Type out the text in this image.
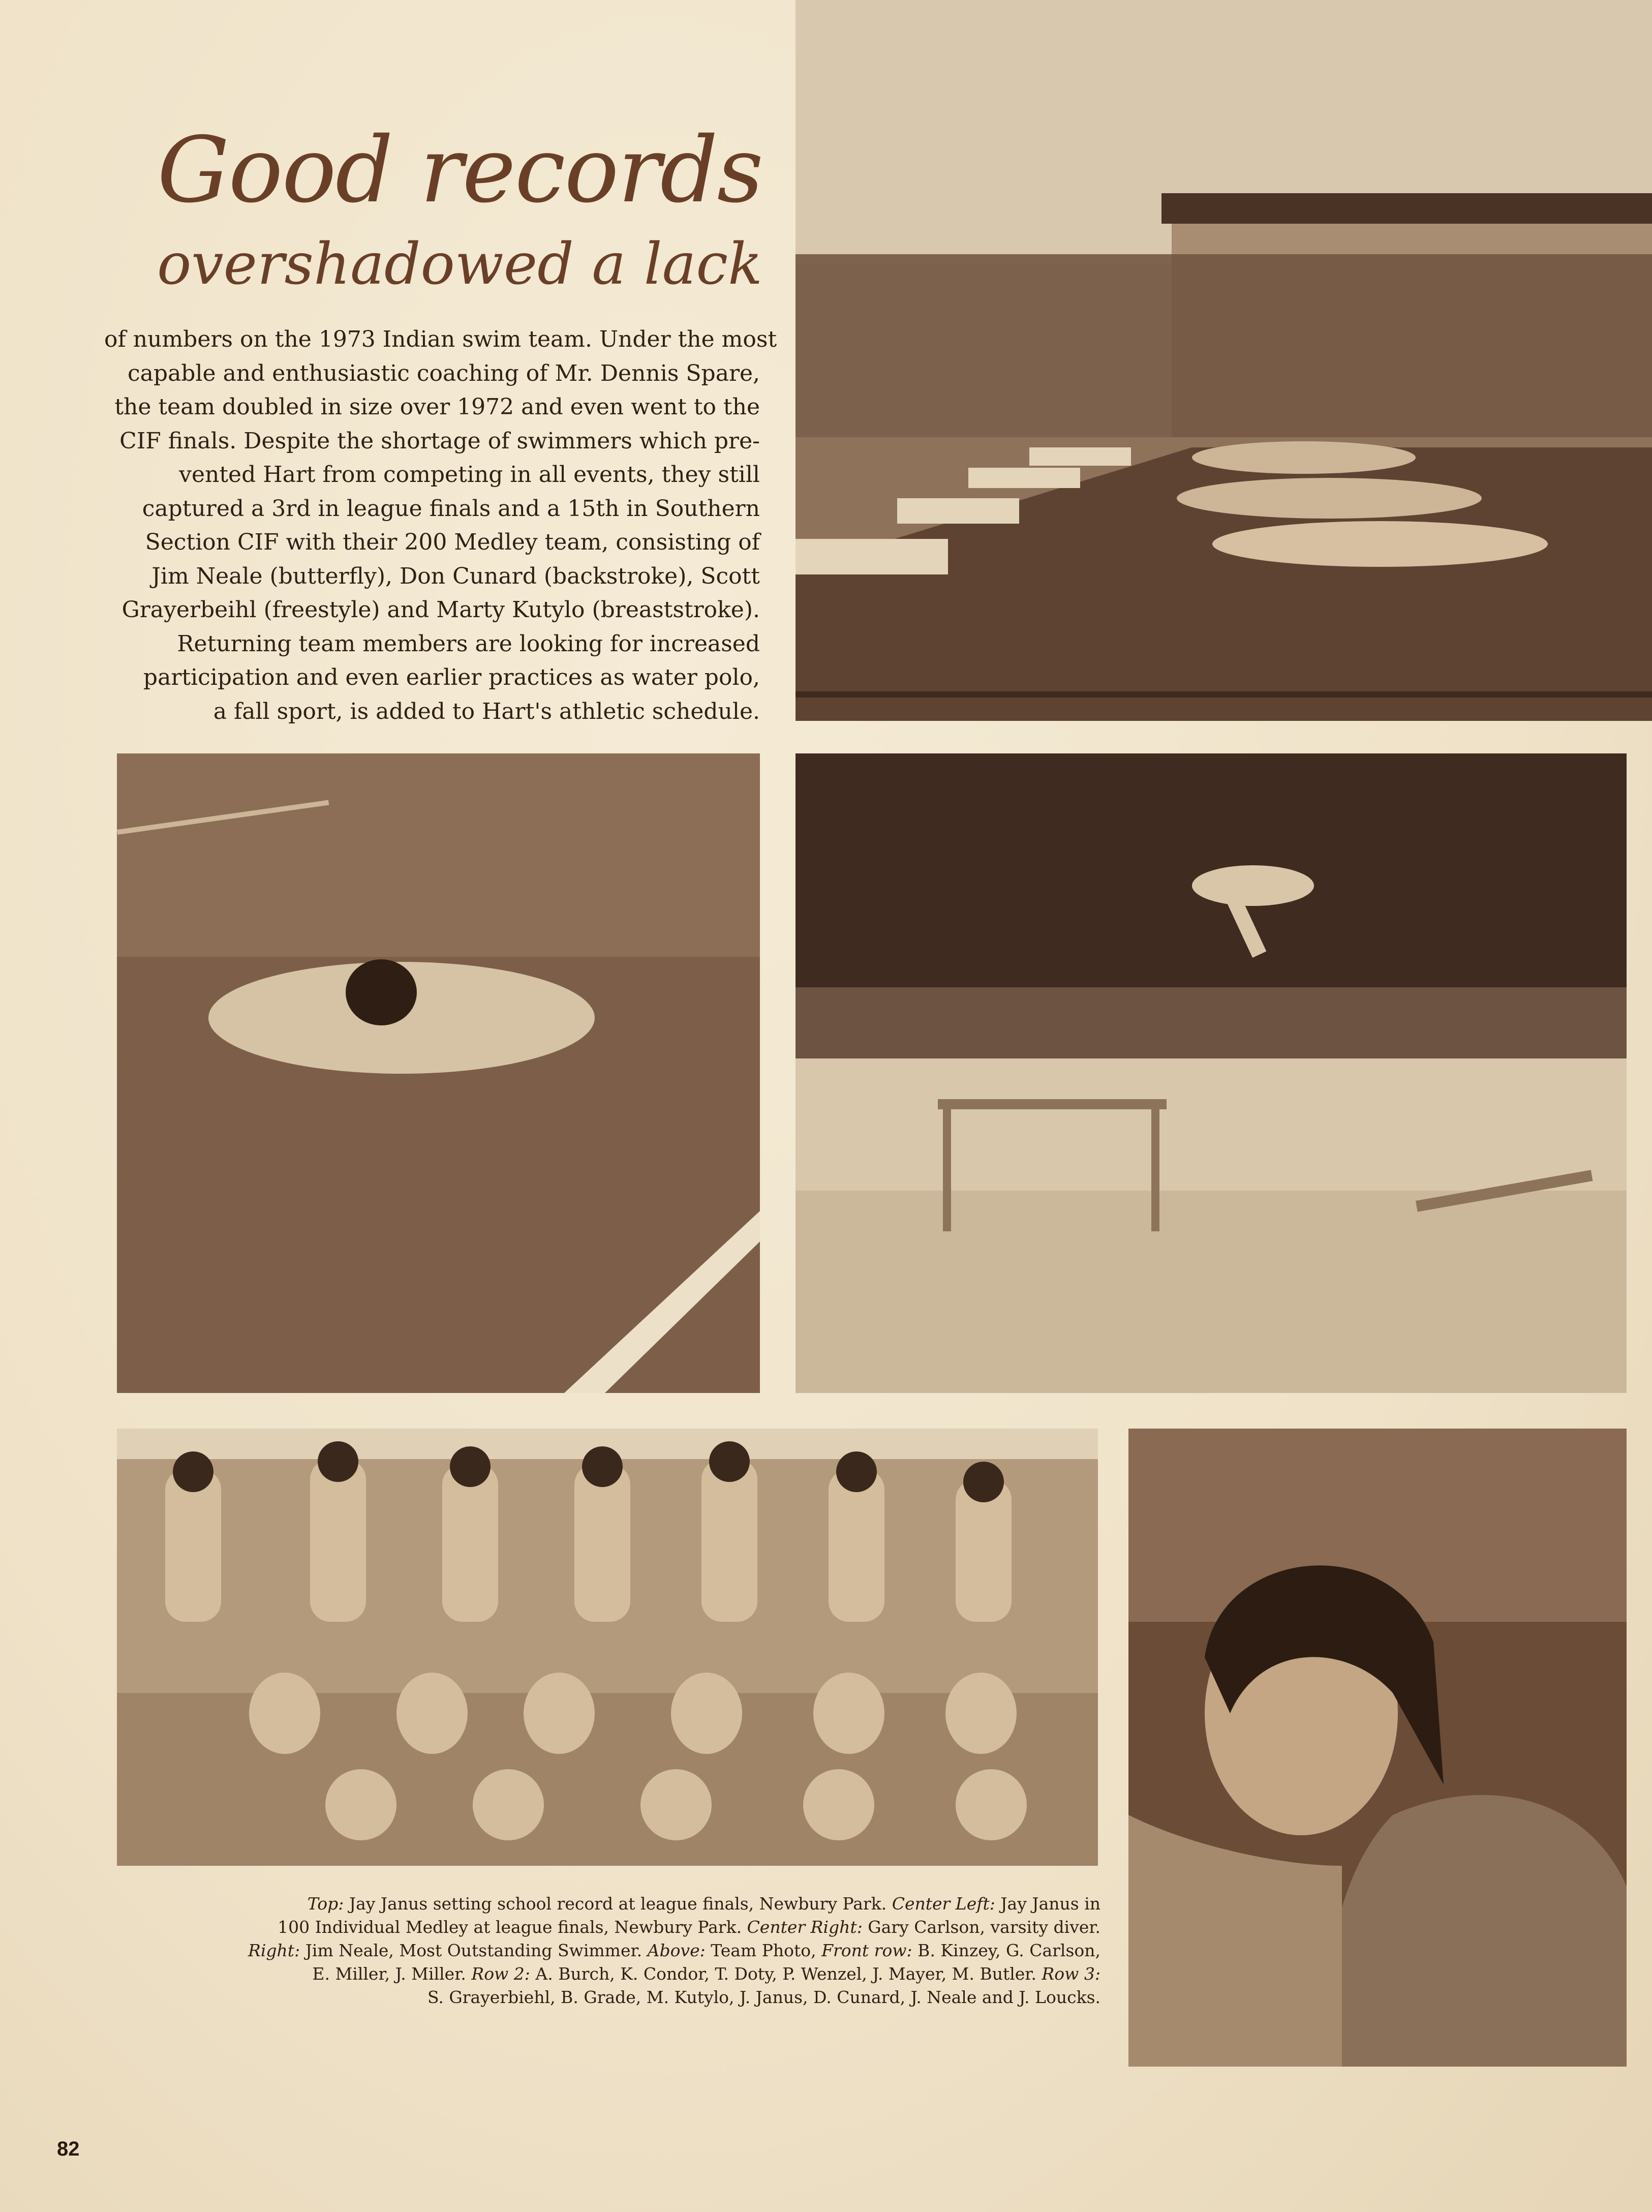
Good records
overshadowed a lack
of numbers on the 1973 Indian swim team. Under the most
capable and enthusiastic coaching of Mr. Dennis Spare,
the team doubled in size over 1972 and even went to the
CIF finals. Despite the shortage of swimmers which pre-
vented Hart from competing in all events, they still
captured a 3rd in league finals and a 15th in Southern
Section CIF with their 200 Medley team, consisting of
Jim Neale (butterfly), Don Cunard (backstroke), Scott
Grayerbeihl (freestyle) and Marty Kutylo (breaststroke).
Returning team members are looking for increased
participation and even earlier practices as water polo,
a fall sport, is added to Hart's athletic schedule.
Top: Jay Janus setting school record at league finals, Newbury Park. Center Left: Jay Janus in
100 Individual Medley at league finals, Newbury Park. Center Right: Gary Carlson, varsity diver.
Right: Jim Neale, Most Outstanding Swimmer. Above: Team Photo, Front row: B. Kinzey, G. Carlson,
E. Miller, J. Miller. Row 2: A. Burch, K. Condor, T. Doty, P. Wenzel, J. Mayer, M. Butler. Row 3:
S. Grayerbiehl, B. Grade, M. Kutylo, J. Janus, D. Cunard, J. Neale and J. Loucks.
82
